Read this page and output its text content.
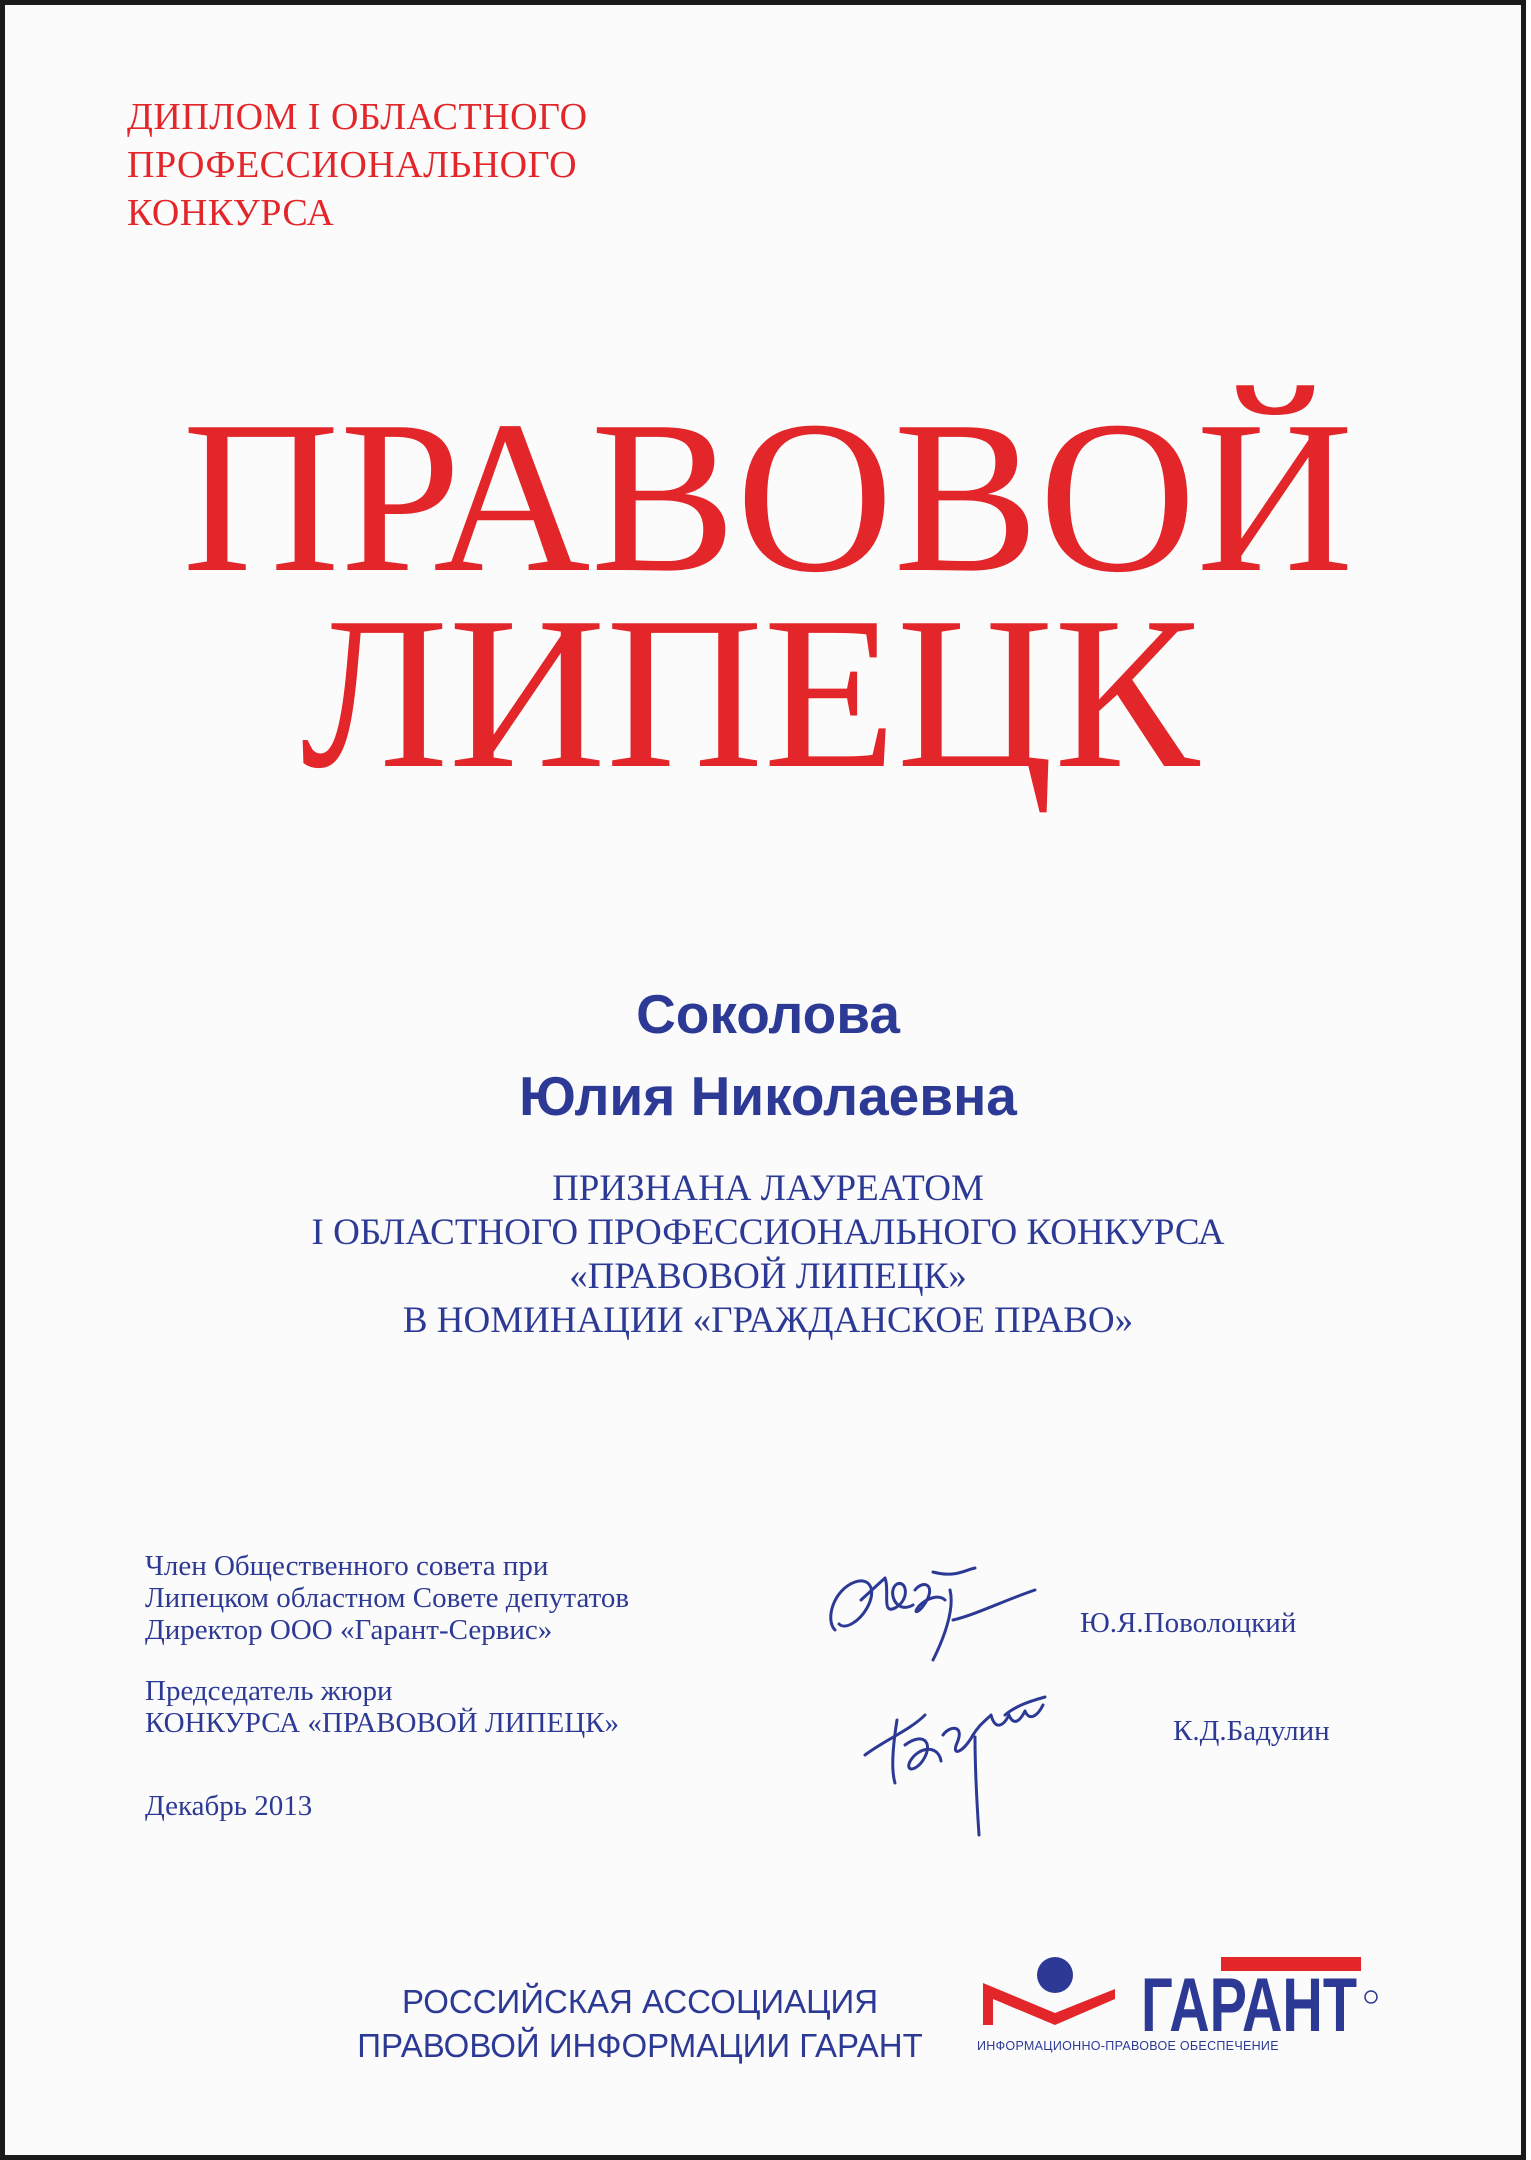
ДИПЛОМ I ОБЛАСТНОГО
ПРОФЕССИОНАЛЬНОГО
КОНКУРСА
ПРАВОВОЙ
ЛИПЕЦК
Соколова
Юлия Николаевна
ПРИЗНАНА ЛАУРЕАТОМ
I ОБЛАСТНОГО ПРОФЕССИОНАЛЬНОГО КОНКУРСА
«ПРАВОВОЙ ЛИПЕЦК»
В НОМИНАЦИИ «ГРАЖДАНСКОЕ ПРАВО»
Член Общественного совета при
Липецком областном Совете депутатов
Директор ООО «Гарант-Сервис»	Ю.Я.Поволоцкий
Председатель жюри
КОНКУРСА «ПРАВОВОЙ ЛИПЕЦК»	К.Д.Бадулин
Декабрь 2013
РОССИЙСКАЯ АССОЦИАЦИЯ
ПРАВОВОЙ ИНФОРМАЦИИ ГАРАНТ	ГАРАНТ
ИНФОРМАЦИОННО-ПРАВОВОЕ ОБЕСПЕЧЕНИЕ
